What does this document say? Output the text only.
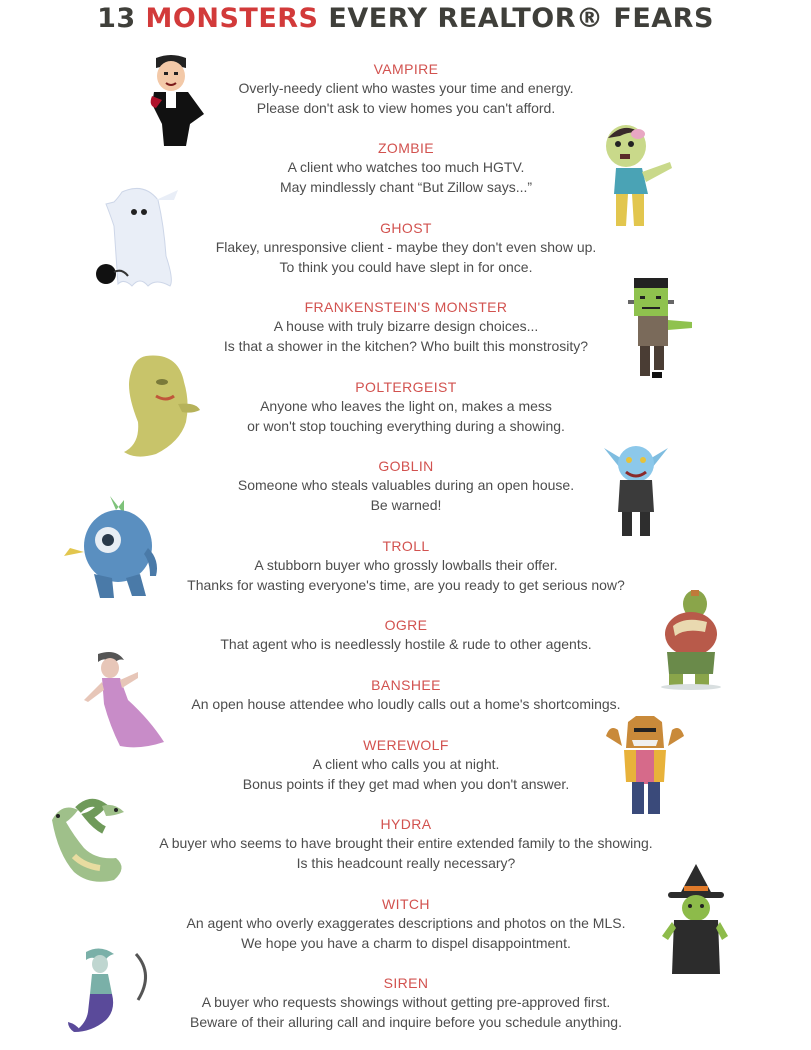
13 MONSTERS EVERY REALTOR® FEARS
VAMPIRE
Overly-needy client who wastes your time and energy.
Please don't ask to view homes you can't afford.
ZOMBIE
A client who watches too much HGTV.
May mindlessly chant “But Zillow says...”
GHOST
Flakey, unresponsive client - maybe they don't even show up.
To think you could have slept in for once.
FRANKENSTEIN'S MONSTER
A house with truly bizarre design choices...
Is that a shower in the kitchen? Who built this monstrosity?
POLTERGEIST
Anyone who leaves the light on, makes a mess
or won't stop touching everything during a showing.
GOBLIN
Someone who steals valuables during an open house.
Be warned!
TROLL
A stubborn buyer who grossly lowballs their offer.
Thanks for wasting everyone's time, are you ready to get serious now?
OGRE
That agent who is needlessly hostile & rude to other agents.
BANSHEE
An open house attendee who loudly calls out a home's shortcomings.
WEREWOLF
A client who calls you at night.
Bonus points if they get mad when you don't answer.
HYDRA
A buyer who seems to have brought their entire extended family to the showing.
Is this headcount really necessary?
WITCH
An agent who overly exaggerates descriptions and photos on the MLS.
We hope you have a charm to dispel disappointment.
SIREN
A buyer who requests showings without getting pre-approved first.
Beware of their alluring call and inquire before you schedule anything.
